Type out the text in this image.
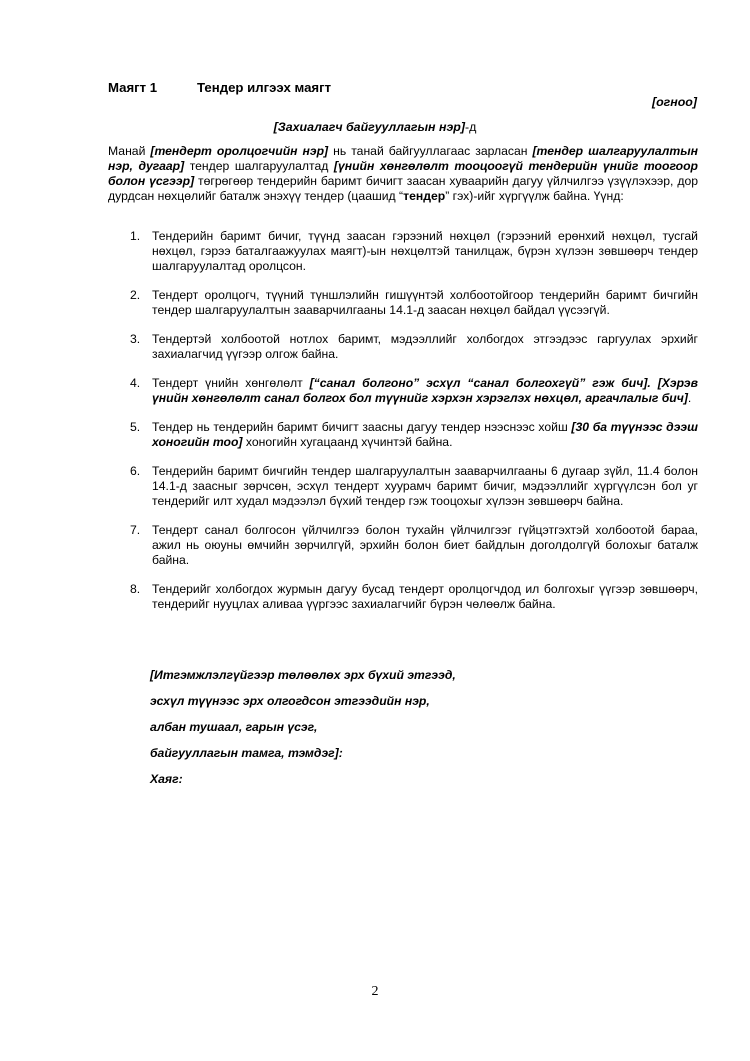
Маягт 1	Тендер илгээх маягт
[огноо]
[Захиалагч байгууллагын нэр]-д
Манай [тендерт оролцогчийн нэр] нь танай байгууллагаас зарласан [тендер шалгаруулалтын нэр, дугаар] тендер шалгаруулалтад [үнийн хөнгөлөлт тооцоогүй тендерийн үнийг тоогоор болон үсгээр] төгрөгөөр тендерийн баримт бичигт заасан хуваарийн дагуу үйлчилгээ үзүүлэхээр, дор дурдсан нөхцөлийг баталж энэхүү тендер (цаашид “тендер” гэх)-ийг хүргүүлж байна. Үүнд:
1. Тендерийн баримт бичиг, түүнд заасан гэрээний нөхцөл (гэрээний ерөнхий нөхцөл, тусгай нөхцөл, гэрээ баталгаажуулах маягт)-ын нөхцөлтэй танилцаж, бүрэн хүлээн зөвшөөрч тендер шалгаруулалтад оролцсон.
2. Тендерт оролцогч, түүний түншлэлийн гишүүнтэй холбоотойгоор тендерийн баримт бичгийн тендер шалгаруулалтын зааварчилгааны 14.1-д заасан нөхцөл байдал үүсээгүй.
3. Тендертэй холбоотой нотлох баримт, мэдээллийг холбогдох этгээдээс гаргуулах эрхийг захиалагчид үүгээр олгож байна.
4. Тендерт үнийн хөнгөлөлт [“санал болгоно” эсхүл “санал болгохгүй” гэж бич]. [Хэрэв үнийн хөнгөлөлт санал болгох бол түүнийг хэрхэн хэрэглэх нөхцөл, аргачлалыг бич].
5. Тендер нь тендерийн баримт бичигт заасны дагуу тендер нээснээс хойш [30 ба түүнээс дээш хоногийн тоо] хоногийн хугацаанд хүчинтэй байна.
6. Тендерийн баримт бичгийн тендер шалгаруулалтын зааварчилгааны 6 дугаар зүйл, 11.4 болон 14.1-д заасныг зөрчсөн, эсхүл тендерт хуурамч баримт бичиг, мэдээллийг хүргүүлсэн бол уг тендерийг илт худал мэдээлэл бүхий тендер гэж тооцохыг хүлээн зөвшөөрч байна.
7. Тендерт санал болгосон үйлчилгээ болон тухайн үйлчилгээг гүйцэтгэхтэй холбоотой бараа, ажил нь оюуны өмчийн зөрчилгүй, эрхийн болон биет байдлын доголдолгүй болохыг баталж байна.
8. Тендерийг холбогдох журмын дагуу бусад тендерт оролцогчдод ил болгохыг үүгээр зөвшөөрч, тендерийг нууцлах аливаа үүргээс захиалагчийг бүрэн чөлөөлж байна.
[Итгэмжлэлгүйгээр төлөөлөх эрх бүхий этгээд,
эсхүл түүнээс эрх олгогдсон этгээдийн нэр,
албан тушаал, гарын үсэг,
байгууллагын тамга, тэмдэг]:
Хаяг:
2
